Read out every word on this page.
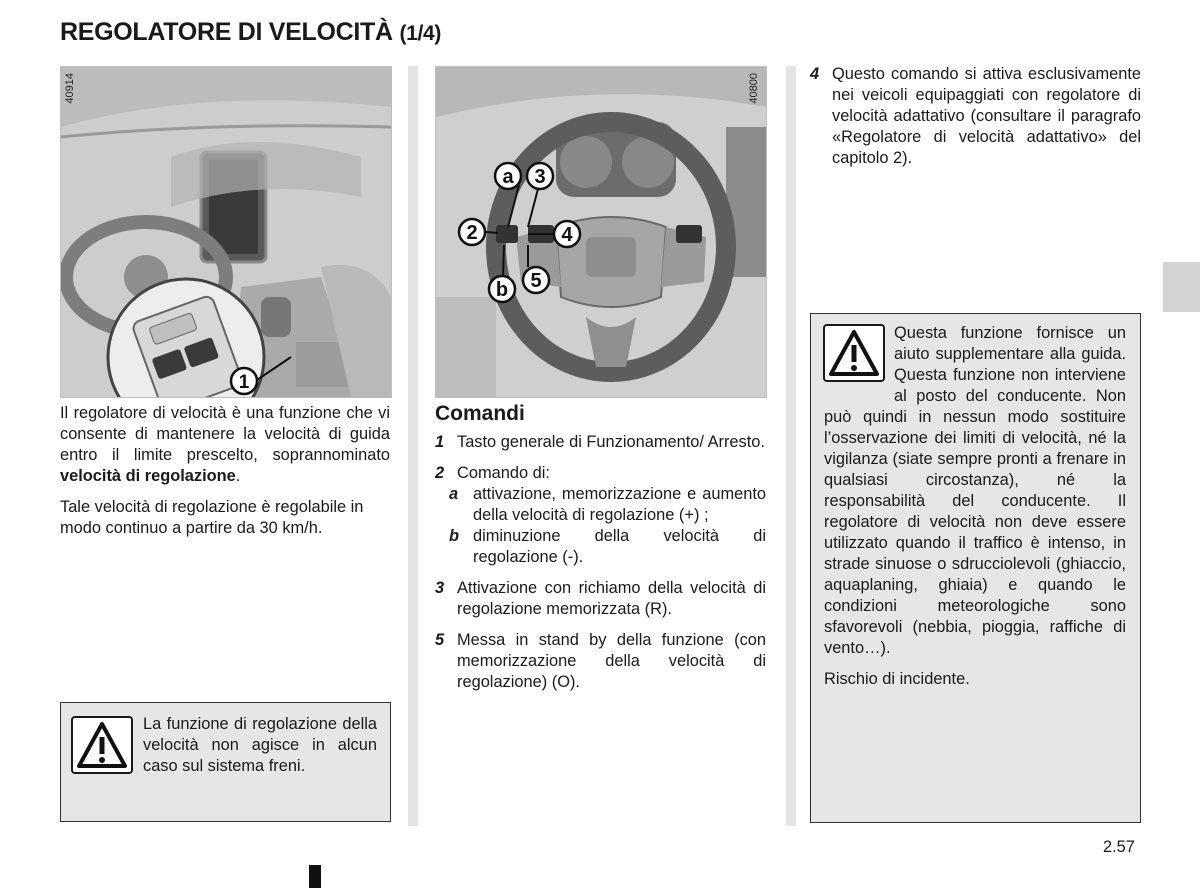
REGOLATORE DI VELOCITÀ (1/4)
1
40914
a 3
2	4
b 5
40800

Il regolatore di velocità è una funzione che vi consente di mantenere la velocità di guida entro il limite prescelto, soprannominato velocità di regolazione.

Tale velocità di regolazione è regolabile in modo continuo a partire da 30 km/h.

La funzione di regolazione della velocità non agisce in alcun caso sul sistema freni.

Comandi

1 Tasto generale di Funzionamento/ Arresto.
2 Comando di:
a attivazione, memorizzazione e aumento della velocità di regolazione (+) ;
b diminuzione della velocità di regolazione (-).
3 Attivazione con richiamo della velocità di regolazione memorizzata (R).
5 Messa in stand by della funzione (con memorizzazione della velocità di regolazione) (O).
4 Questo comando si attiva esclusivamente nei veicoli equipaggiati con regolatore di velocità adattativo (consultare il paragrafo «Regolatore di velocità adattativo» del capitolo 2).

Questa funzione fornisce un aiuto supplementare alla guida. Questa funzione non interviene al posto del conducente. Non può quindi in nessun modo sostituire l’osservazione dei limiti di velocità, né la vigilanza (siate sempre pronti a frenare in qualsiasi circostanza), né la responsabilità del conducente. Il regolatore di velocità non deve essere utilizzato quando il traffico è intenso, in strade sinuose o sdrucciolevoli (ghiaccio, aquaplaning, ghiaia) e quando le condizioni meteorologiche sono sfavorevoli (nebbia, pioggia, raffiche di vento…).

Rischio di incidente.

2.57
